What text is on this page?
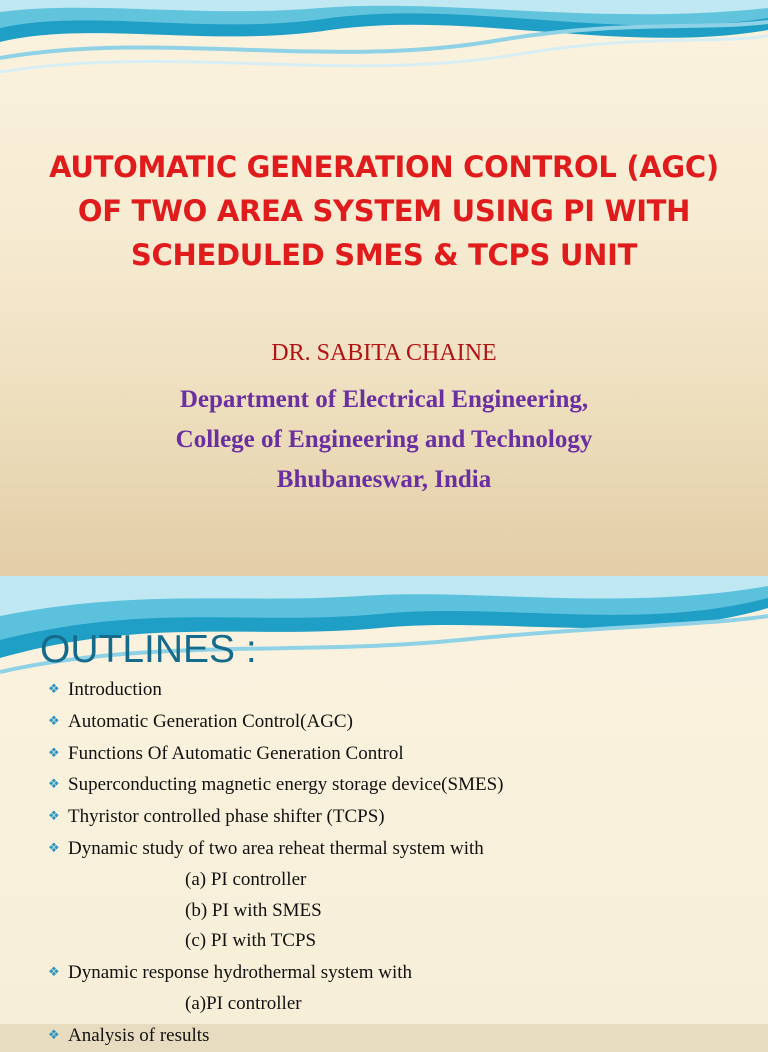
AUTOMATIC GENERATION CONTROL (AGC)
OF TWO AREA SYSTEM USING PI WITH
SCHEDULED SMES & TCPS UNIT
DR. SABITA CHAINE
Department of Electrical Engineering,
College of Engineering and Technology
Bhubaneswar, India
OUTLINES :
❖ Introduction
❖ Automatic Generation Control(AGC)
❖ Functions Of Automatic Generation Control
❖ Superconducting magnetic energy storage device(SMES)
❖ Thyristor controlled phase shifter (TCPS)
❖ Dynamic study of two area reheat thermal system with
(a) PI controller
(b) PI with SMES
(c) PI with TCPS
❖ Dynamic response hydrothermal system with
(a)PI controller
❖ Analysis of results
